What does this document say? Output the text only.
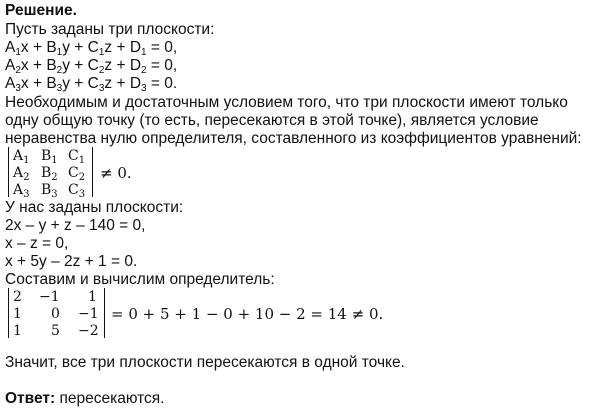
Решение.
Пусть заданы три плоскости:
$A_1x + B_1y + C_1z + D_1 = 0$,
$A_2x + B_2y + C_2z + D_2 = 0$,
$A_3x + B_3y + C_3z + D_3 = 0$.
Необходимым и достаточным условием того, что три плоскости имеют только
одну общую точку (то есть, пересекаются в этой точке), является условие
неравенства нулю определителя, составленного из коэффициентов уравнений:
$A_1$ $B_1$ $C_1$
$A_2$ $B_2$ $C_2$
$A_3$ $B_3$ $C_3$
≠ 0.
У нас заданы плоскости:
2x – y + z – 140 = 0,
x – z = 0,
x + 5y – 2z + 1 = 0.
Составим и вычислим определитель:
2 −1 1
1 0 −1
1 5 −2
= 0 + 5 + 1 − 0 + 10 − 2 = 14 ≠ 0.
Значит, все три плоскости пересекаются в одной точке.
Ответ: пересекаются.
